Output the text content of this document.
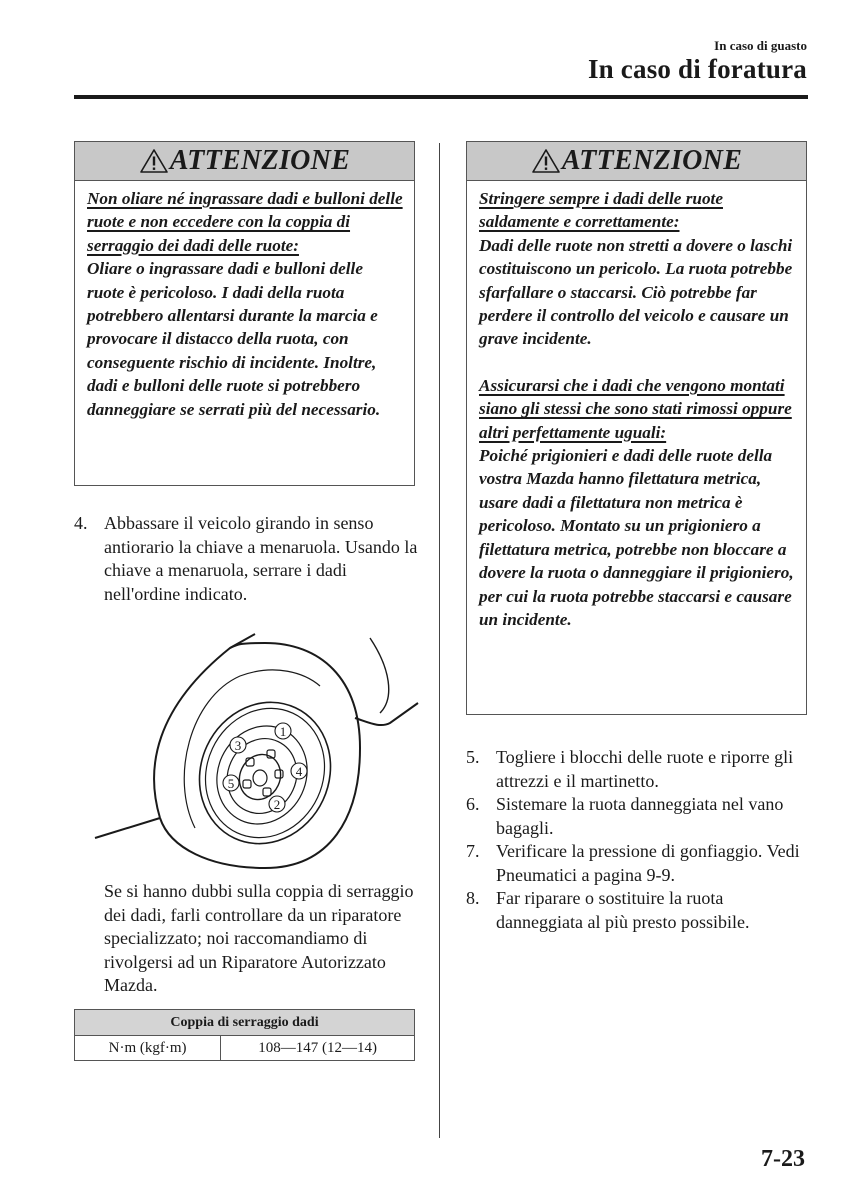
In caso di guasto
In caso di foratura
ATTENZIONE

Non oliare né ingrassare dadi e bulloni delle ruote e non eccedere con la coppia di serraggio dei dadi delle ruote:

Oliare o ingrassare dadi e bulloni delle ruote è pericoloso. I dadi della ruota potrebbero allentarsi durante la marcia e provocare il distacco della ruota, con conseguente rischio di incidente. Inoltre, dadi e bulloni delle ruote si potrebbero danneggiare se serrati più del necessario.

ATTENZIONE

Stringere sempre i dadi delle ruote saldamente e correttamente:

Dadi delle ruote non stretti a dovere o laschi costituiscono un pericolo. La ruota potrebbe sfarfallare o staccarsi. Ciò potrebbe far perdere il controllo del veicolo e causare un grave incidente.

Assicurarsi che i dadi che vengono montati siano gli stessi che sono stati rimossi oppure altri perfettamente uguali:

Poiché prigionieri e dadi delle ruote della vostra Mazda hanno filettatura metrica, usare dadi a filettatura non metrica è pericoloso. Montato su un prigioniero a filettatura metrica, potrebbe non bloccare a dovere la ruota o danneggiare il prigioniero, per cui la ruota potrebbe staccarsi e causare un incidente.

4. Abbassare il veicolo girando in senso antiorario la chiave a menaruola. Usando la chiave a menaruola, serrare i dadi nell'ordine indicato.
1
3
4
5
2
Se si hanno dubbi sulla coppia di serraggio dei dadi, farli controllare da un riparatore specializzato; noi raccomandiamo di rivolgersi ad un Riparatore Autorizzato Mazda.
Coppia di serraggio dadi
N·m (kgf·m)	108—147 (12—14)
5. Togliere i blocchi delle ruote e riporre gli attrezzi e il martinetto.
6. Sistemare la ruota danneggiata nel vano bagagli.
7. Verificare la pressione di gonfiaggio. Vedi Pneumatici a pagina 9-9.
8. Far riparare o sostituire la ruota danneggiata al più presto possibile.
7-23
